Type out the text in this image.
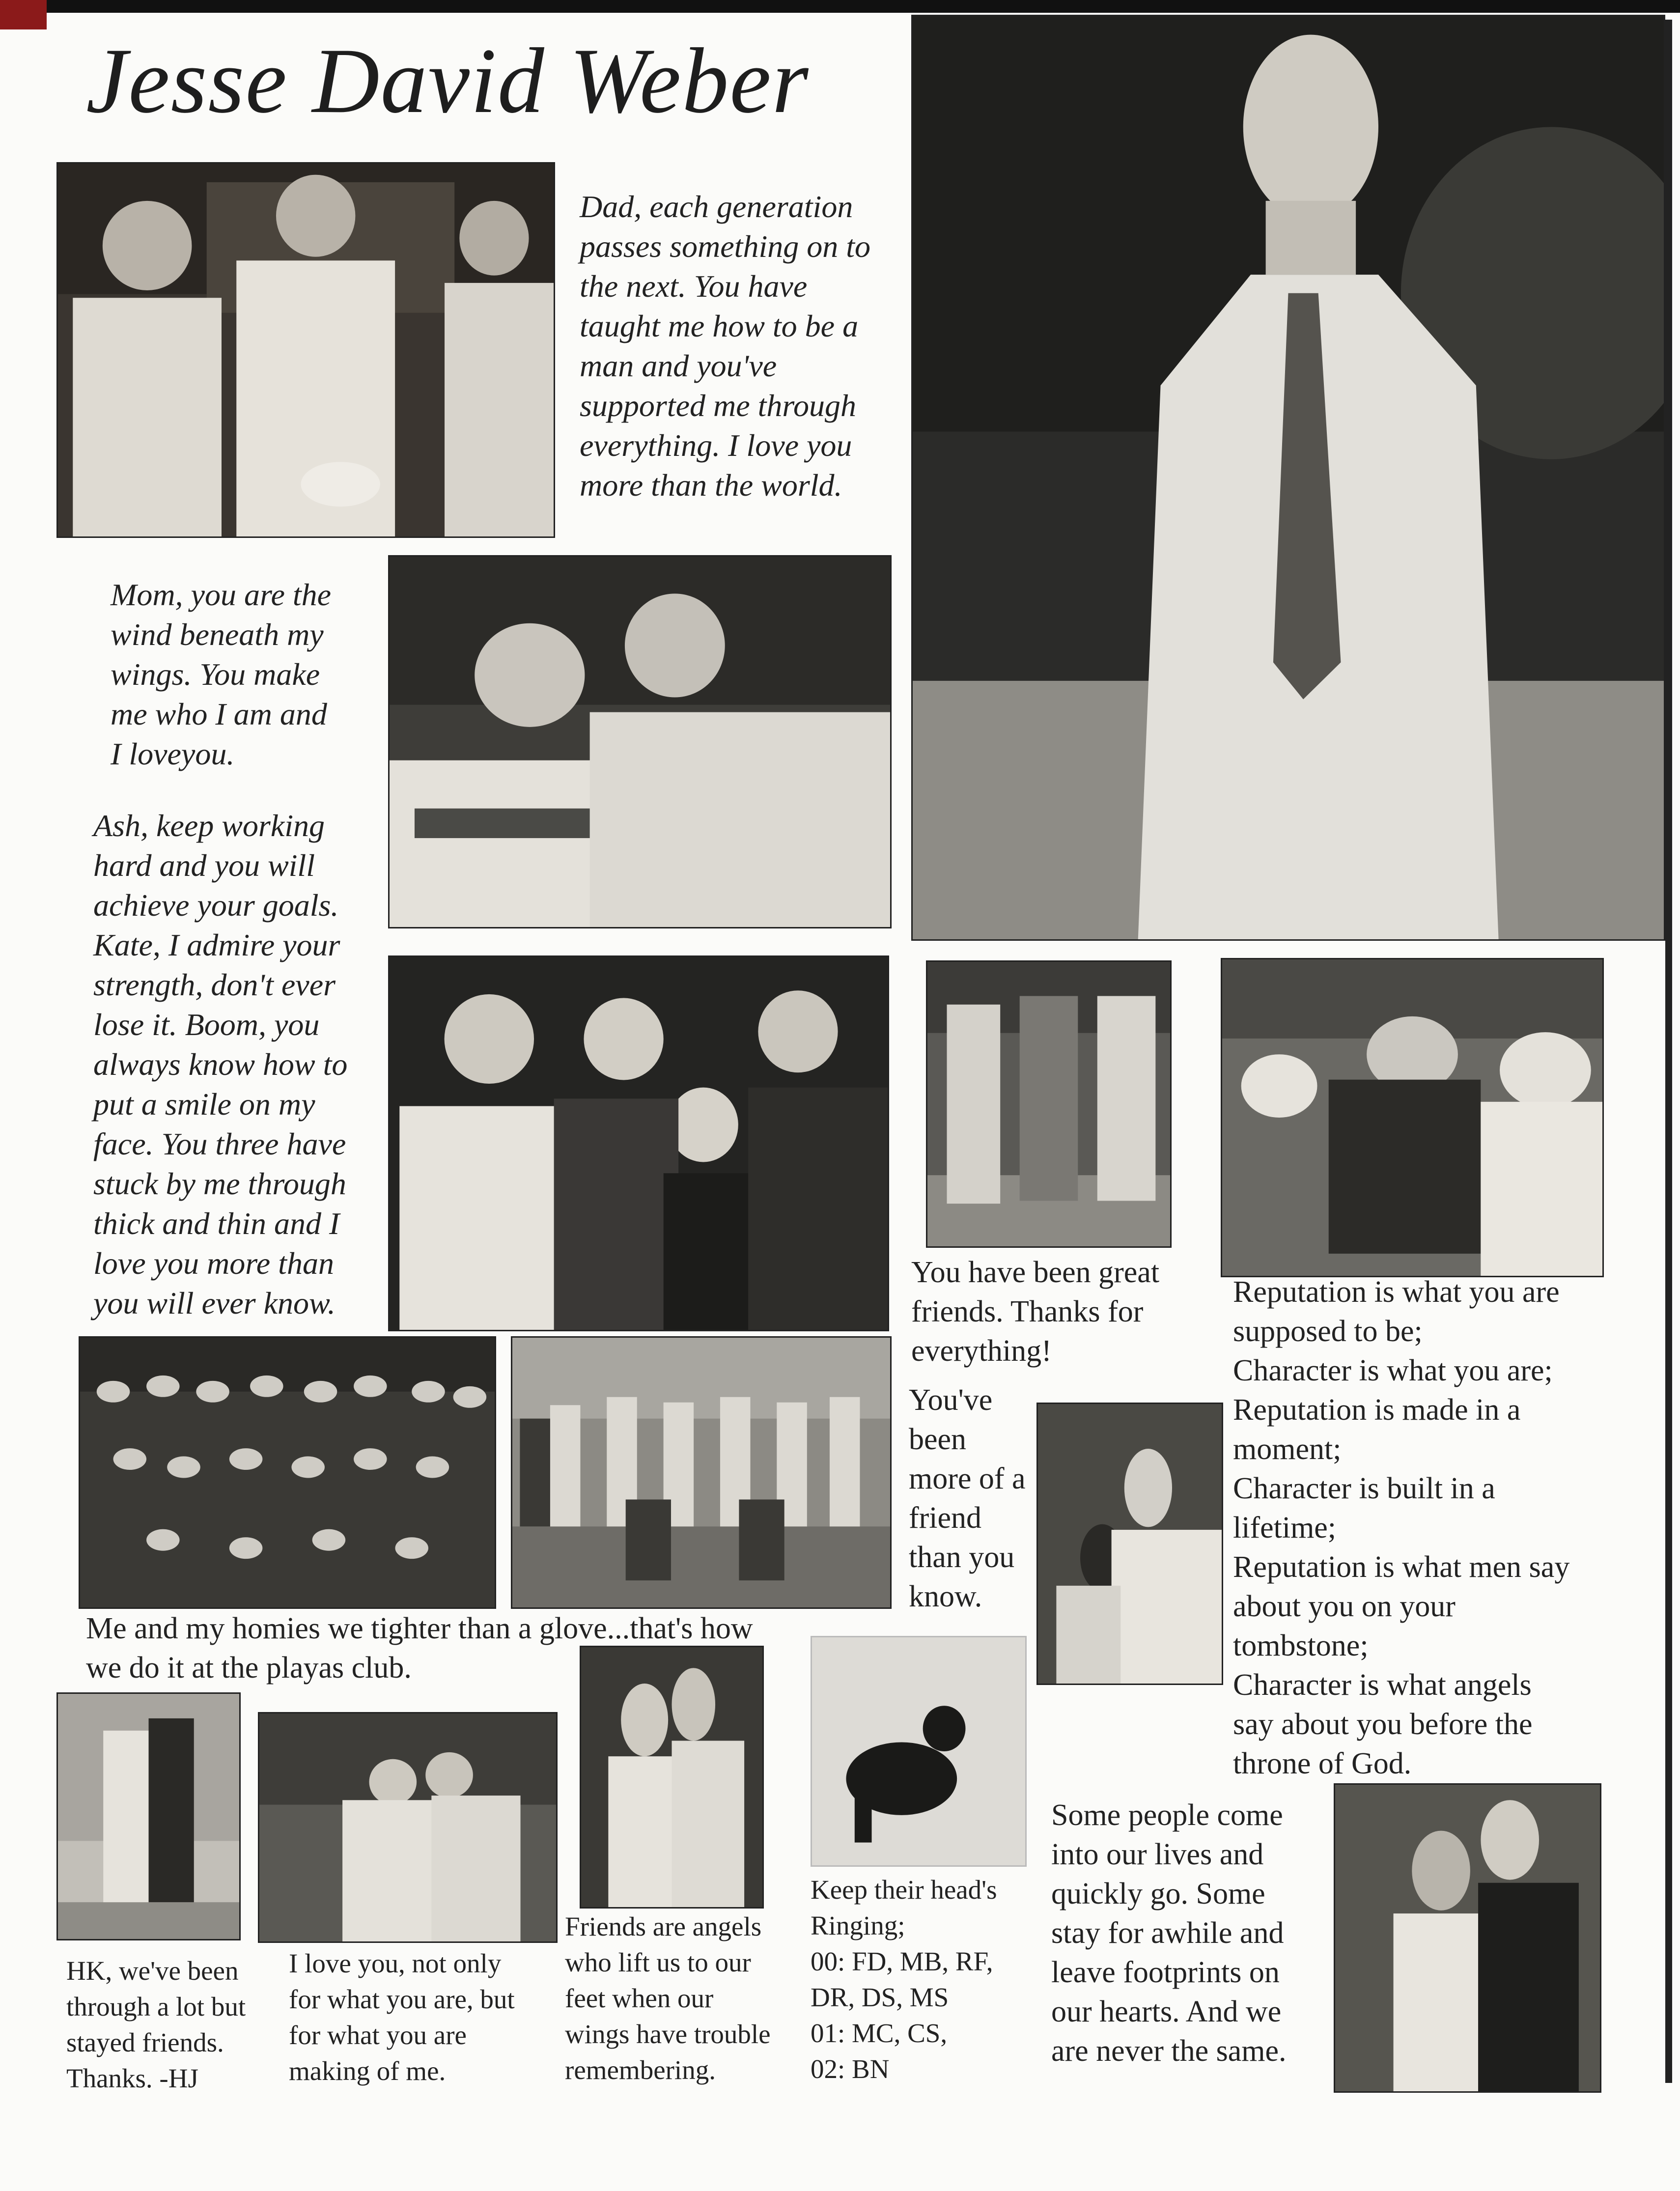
Jesse David Weber
Dad, each generation
passes something on to
the next. You have
taught me how to be a
man and you've
supported me through
everything. I love you
more than the world.
Mom, you are the
wind beneath my
wings. You make
me who I am and
I loveyou.
Ash, keep working
hard and you will
achieve your goals.
Kate, I admire your
strength, don't ever
lose it. Boom, you
always know how to
put a smile on my
face. You three have
stuck by me through
thick and thin and I
love you more than
you will ever know.
You have been great
friends. Thanks for
everything!
You've
been
more of a
friend
than you
know.
Reputation is what you are
supposed to be;
Character is what you are;
Reputation is made in a
moment;
Character is built in a
lifetime;
Reputation is what men say
about you on your
tombstone;
Character is what angels
say about you before the
throne of God.
Me and my homies we tighter than a glove...that's how
we do it at the playas club.
HK, we've been
through a lot but
stayed friends.
Thanks. -HJ
I love you, not only
for what you are, but
for what you are
making of me.
Friends are angels
who lift us to our
feet when our
wings have trouble
remembering.
Keep their head's
Ringing;
00: FD, MB, RF,
DR, DS, MS
01: MC, CS,
02: BN
Some people come
into our lives and
quickly go. Some
stay for awhile and
leave footprints on
our hearts. And we
are never the same.
